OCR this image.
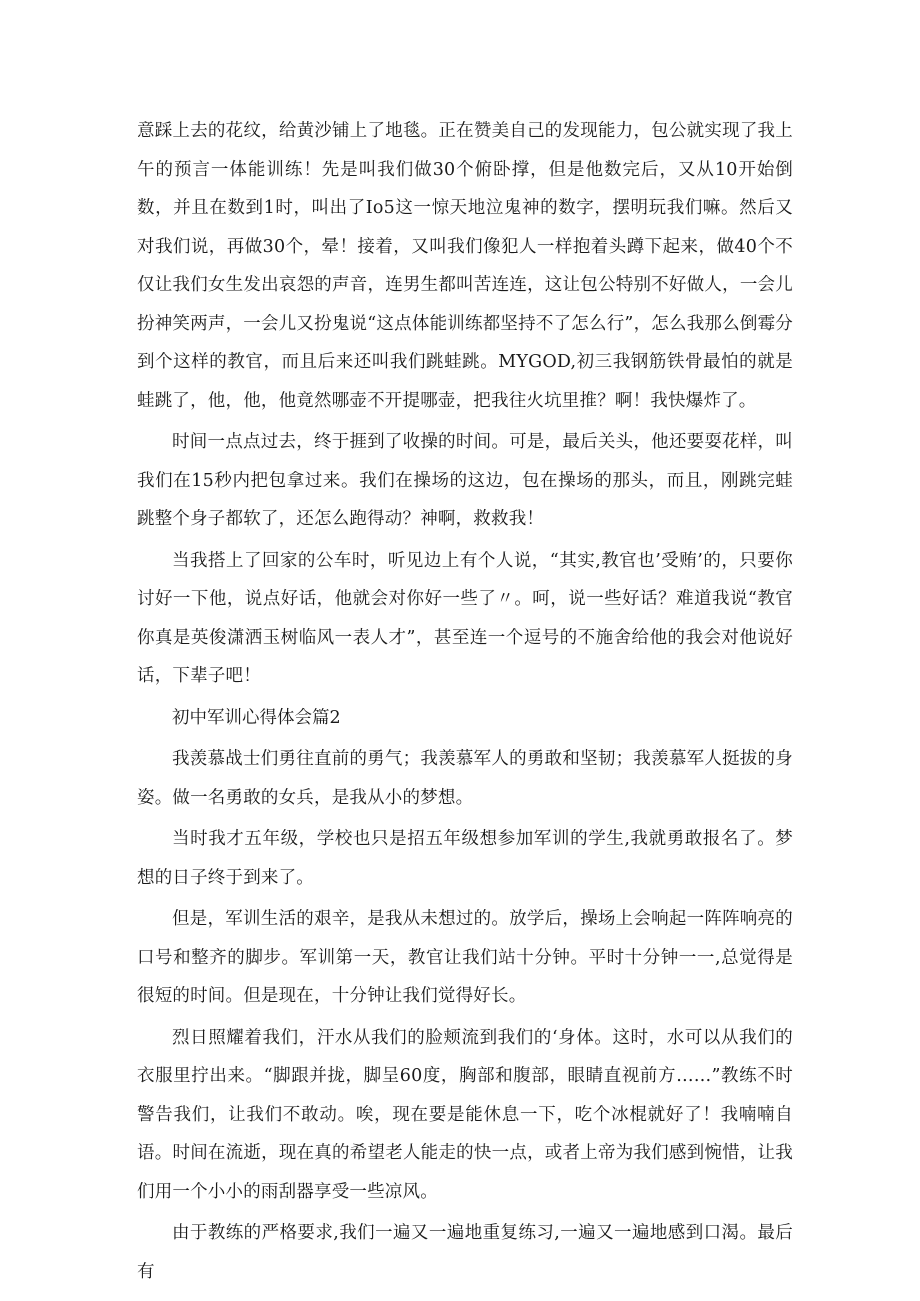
意踩上去的花纹，给黄沙铺上了地毯。正在赞美自己的发现能力，包公就实现了我上午的预言一体能训练！先是叫我们做30个俯卧撑，但是他数完后，又从10开始倒数，并且在数到1时，叫出了Io5这一惊天地泣鬼神的数字，摆明玩我们嘛。然后又对我们说，再做30个，晕！接着，又叫我们像犯人一样抱着头蹲下起来，做40个不仅让我们女生发出哀怨的声音，连男生都叫苦连连，这让包公特别不好做人，一会儿扮神笑两声，一会儿又扮鬼说“这点体能训练都坚持不了怎么行”，怎么我那么倒霉分到个这样的教官，而且后来还叫我们跳蛙跳。MYGOD,初三我钢筋铁骨最怕的就是蛙跳了，他，他，他竟然哪壶不开提哪壶，把我往火坑里推？啊！我快爆炸了。

时间一点点过去，终于捱到了收操的时间。可是，最后关头，他还要耍花样，叫我们在15秒内把包拿过来。我们在操场的这边，包在操场的那头，而且，刚跳完蛙跳整个身子都软了，还怎么跑得动？神啊，救救我！

当我搭上了回家的公车时，听见边上有个人说，“其实,教官也’受贿’的，只要你讨好一下他，说点好话，他就会对你好一些了〃。呵，说一些好话？难道我说“教官你真是英俊潇洒玉树临风一表人才”，甚至连一个逗号的不施舍给他的我会对他说好话，下辈子吧！

初中军训心得体会篇2

我羡慕战士们勇往直前的勇气；我羡慕军人的勇敢和坚韧；我羡慕军人挺拔的身姿。做一名勇敢的女兵，是我从小的梦想。

当时我才五年级，学校也只是招五年级想参加军训的学生,我就勇敢报名了。梦想的日子终于到来了。

但是，军训生活的艰辛，是我从未想过的。放学后，操场上会响起一阵阵响亮的口号和整齐的脚步。军训第一天，教官让我们站十分钟。平时十分钟一一,总觉得是很短的时间。但是现在，十分钟让我们觉得好长。

烈日照耀着我们，汗水从我们的脸颊流到我们的‘身体。这时，水可以从我们的衣服里拧出来。“脚跟并拢，脚呈60度，胸部和腹部，眼睛直视前方……”教练不时警告我们，让我们不敢动。唉，现在要是能休息一下，吃个冰棍就好了！我喃喃自语。时间在流逝，现在真的希望老人能走的快一点，或者上帝为我们感到惋惜，让我们用一个小小的雨刮器享受一些凉风。

由于教练的严格要求,我们一遍又一遍地重复练习,一遍又一遍地感到口渴。最后有
